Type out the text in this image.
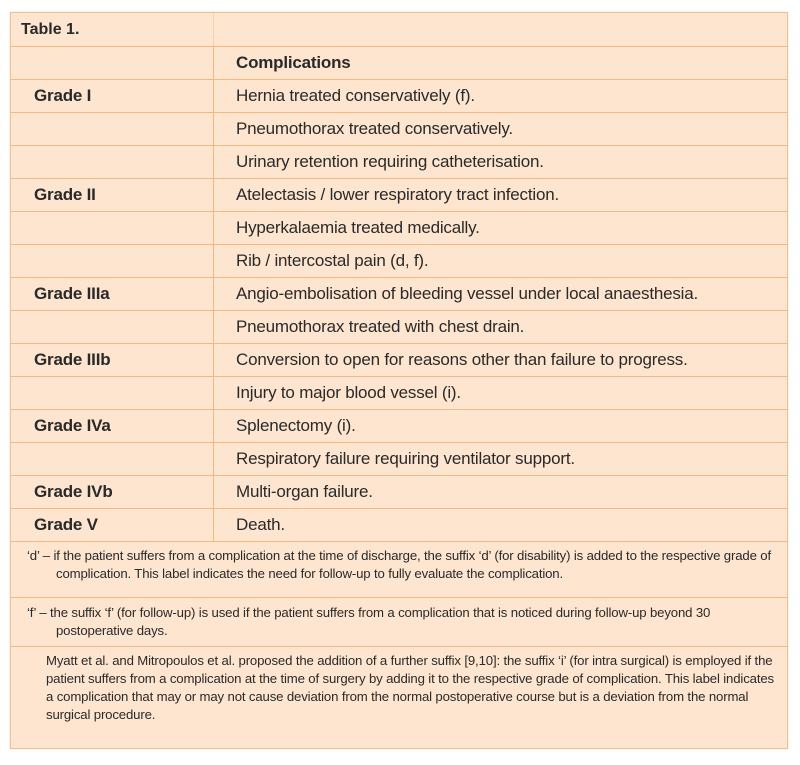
Table 1.
Complications
Grade I	Hernia treated conservatively (f).
Pneumothorax treated conservatively.
Urinary retention requiring catheterisation.
Grade II	Atelectasis / lower respiratory tract infection.
Hyperkalaemia treated medically.
Rib / intercostal pain (d, f).
Grade IIIa	Angio-embolisation of bleeding vessel under local anaesthesia.
Pneumothorax treated with chest drain.
Grade IIIb	Conversion to open for reasons other than failure to progress.
Injury to major blood vessel (i).
Grade IVa	Splenectomy (i).
Respiratory failure requiring ventilator support.
Grade IVb	Multi-organ failure.
Grade V	Death.
‘d’ – if the patient suffers from a complication at the time of discharge, the suffix ‘d’ (for disability) is added to the respective grade of complication. This label indicates the need for follow-up to fully evaluate the complication.
‘f’ – the suffix ‘f’ (for follow-up) is used if the patient suffers from a complication that is noticed during follow-up beyond 30 postoperative days.
Myatt et al. and Mitropoulos et al. proposed the addition of a further suffix [9,10]: the suffix ‘i’ (for intra surgical) is employed if the patient suffers from a complication at the time of surgery by adding it to the respective grade of complication. This label indicates a complication that may or may not cause deviation from the normal postoperative course but is a deviation from the normal surgical procedure.
